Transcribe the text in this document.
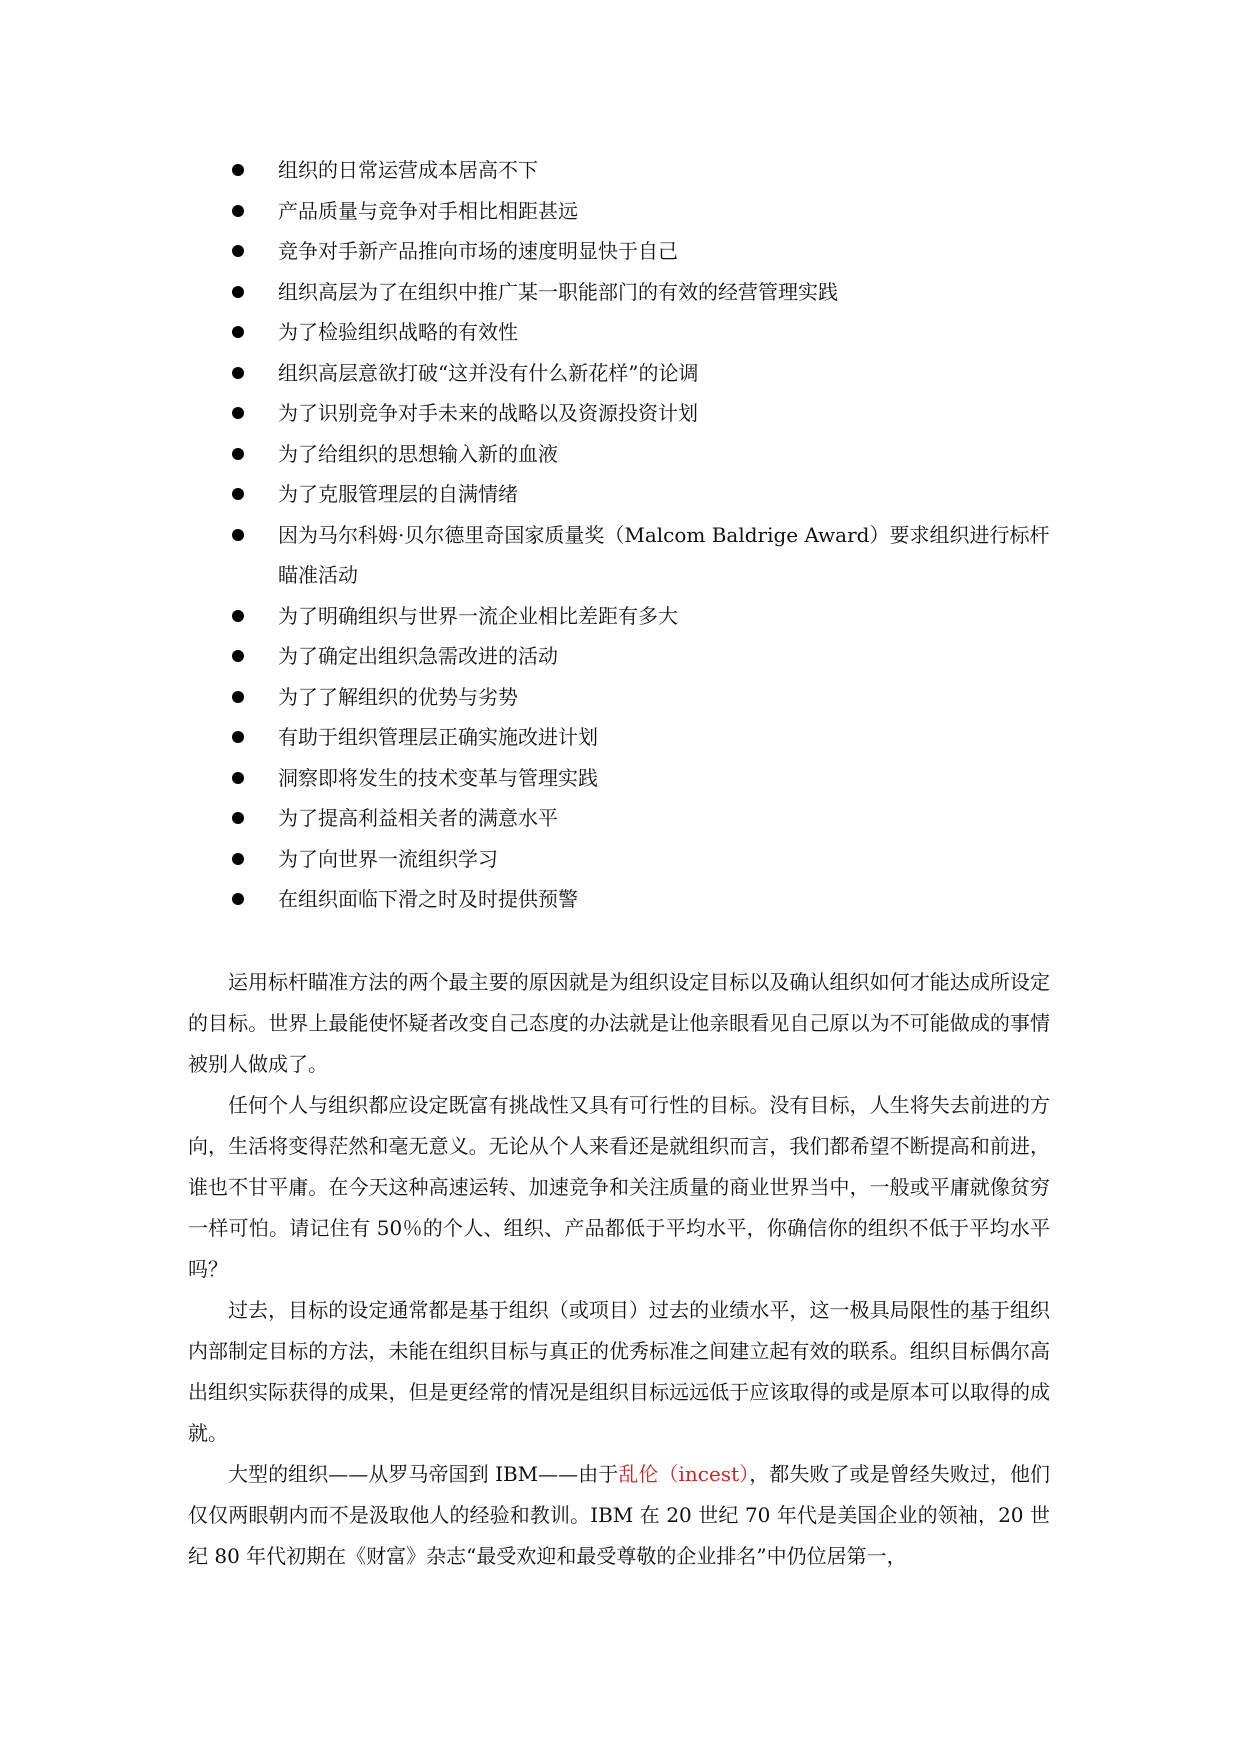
组织的日常运营成本居高不下
产品质量与竞争对手相比相距甚远
竞争对手新产品推向市场的速度明显快于自己
组织高层为了在组织中推广某一职能部门的有效的经营管理实践
为了检验组织战略的有效性
组织高层意欲打破“这并没有什么新花样”的论调
为了识别竞争对手未来的战略以及资源投资计划
为了给组织的思想输入新的血液
为了克服管理层的自满情绪
因为马尔科姆·贝尔德里奇国家质量奖（Malcom Baldrige Award）要求组织进行标杆瞄准活动
为了明确组织与世界一流企业相比差距有多大
为了确定出组织急需改进的活动
为了了解组织的优势与劣势
有助于组织管理层正确实施改进计划
洞察即将发生的技术变革与管理实践
为了提高利益相关者的满意水平
为了向世界一流组织学习
在组织面临下滑之时及时提供预警

运用标杆瞄准方法的两个最主要的原因就是为组织设定目标以及确认组织如何才能达成所设定的目标。世界上最能使怀疑者改变自己态度的办法就是让他亲眼看见自己原以为不可能做成的事情被别人做成了。

任何个人与组织都应设定既富有挑战性又具有可行性的目标。没有目标，人生将失去前进的方向，生活将变得茫然和毫无意义。无论从个人来看还是就组织而言，我们都希望不断提高和前进，谁也不甘平庸。在今天这种高速运转、加速竞争和关注质量的商业世界当中，一般或平庸就像贫穷一样可怕。请记住有 50％的个人、组织、产品都低于平均水平，你确信你的组织不低于平均水平吗？

过去，目标的设定通常都是基于组织（或项目）过去的业绩水平，这一极具局限性的基于组织内部制定目标的方法，未能在组织目标与真正的优秀标准之间建立起有效的联系。组织目标偶尔高出组织实际获得的成果，但是更经常的情况是组织目标远远低于应该取得的或是原本可以取得的成就。

大型的组织——从罗马帝国到 IBM——由于乱伦（incest），都失败了或是曾经失败过，他们仅仅两眼朝内而不是汲取他人的经验和教训。IBM 在 20 世纪 70 年代是美国企业的领袖，20 世纪 80 年代初期在《财富》杂志“最受欢迎和最受尊敬的企业排名”中仍位居第一，
